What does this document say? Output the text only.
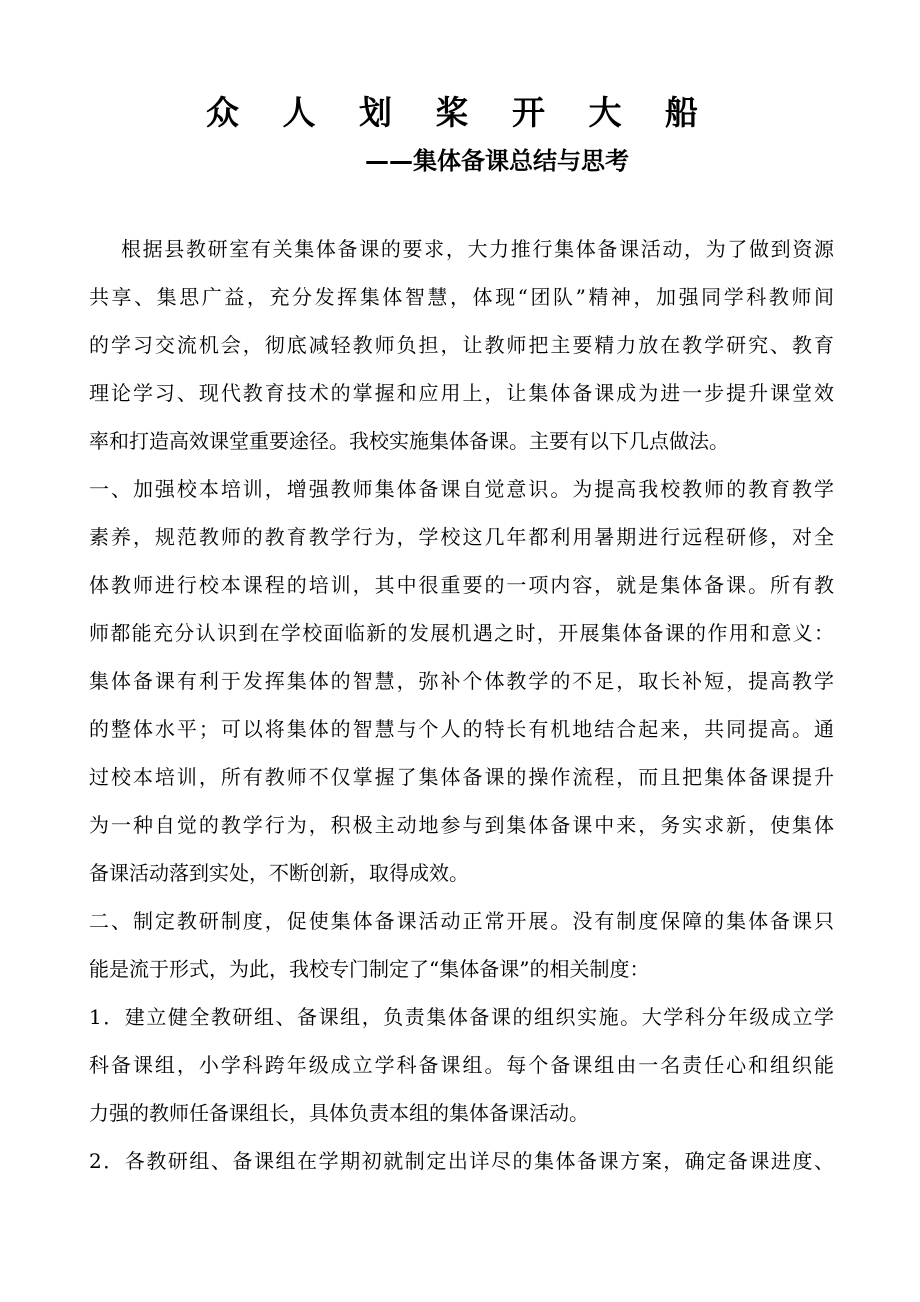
众 人 划 桨 开 大 船
——集体备课总结与思考
根据县教研室有关集体备课的要求，大力推行集体备课活动，为了做到资源
共享、集思广益，充分发挥集体智慧，体现“团队”精神，加强同学科教师间
的学习交流机会，彻底减轻教师负担，让教师把主要精力放在教学研究、教育
理论学习、现代教育技术的掌握和应用上，让集体备课成为进一步提升课堂效
率和打造高效课堂重要途径。我校实施集体备课。主要有以下几点做法。
一、加强校本培训，增强教师集体备课自觉意识。为提高我校教师的教育教学
素养，规范教师的教育教学行为，学校这几年都利用暑期进行远程研修，对全
体教师进行校本课程的培训，其中很重要的一项内容，就是集体备课。所有教
师都能充分认识到在学校面临新的发展机遇之时，开展集体备课的作用和意义：
集体备课有利于发挥集体的智慧，弥补个体教学的不足，取长补短，提高教学
的整体水平；可以将集体的智慧与个人的特长有机地结合起来，共同提高。通
过校本培训，所有教师不仅掌握了集体备课的操作流程，而且把集体备课提升
为一种自觉的教学行为，积极主动地参与到集体备课中来，务实求新，使集体
备课活动落到实处，不断创新，取得成效。
二、制定教研制度，促使集体备课活动正常开展。没有制度保障的集体备课只
能是流于形式，为此，我校专门制定了“集体备课”的相关制度：
1．建立健全教研组、备课组，负责集体备课的组织实施。大学科分年级成立学
科备课组，小学科跨年级成立学科备课组。每个备课组由一名责任心和组织能
力强的教师任备课组长，具体负责本组的集体备课活动。
2．各教研组、备课组在学期初就制定出详尽的集体备课方案，确定备课进度、
